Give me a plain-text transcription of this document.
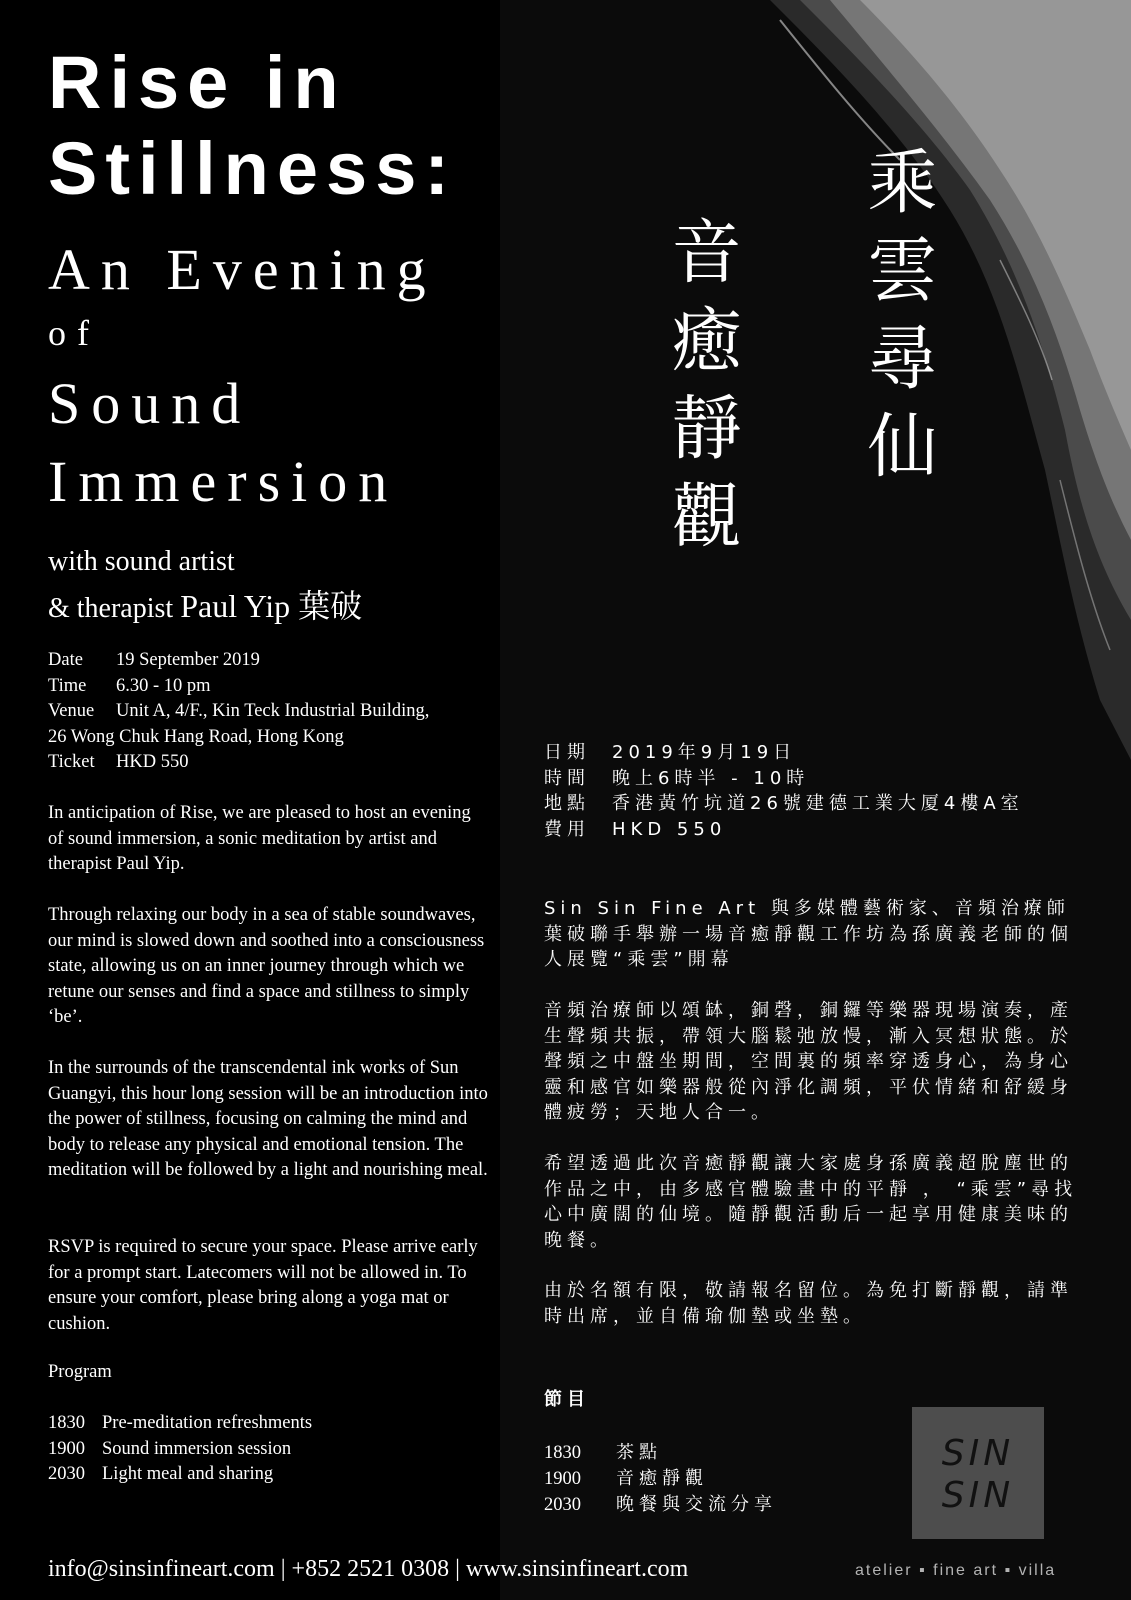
Rise in
Stillness:
An Evening
of
Sound
Immersion
with sound artist
& therapist Paul Yip 葉破
Date 19 September 2019
Time 6.30 - 10 pm
Venue Unit A, 4/F., Kin Teck Industrial Building,
26 Wong Chuk Hang Road, Hong Kong
Ticket HKD 550

In anticipation of Rise, we are pleased to host an evening of sound immersion, a sonic meditation by artist and therapist Paul Yip.

Through relaxing our body in a sea of stable soundwaves, our mind is slowed down and soothed into a consciousness state, allowing us on an inner journey through which we retune our senses and find a space and stillness to simply ‘be’.

In the surrounds of the transcendental ink works of Sun Guangyi, this hour long session will be an introduction into the power of stillness, focusing on calming the mind and body to release any physical and emotional tension. The meditation will be followed by a light and nourishing meal.

RSVP is required to secure your space. Please arrive early for a prompt start. Latecomers will not be allowed in. To ensure your comfort, please bring along a yoga mat or cushion.

Program
1830 Pre-meditation refreshments
1900 Sound immersion session
2030 Light meal and sharing
乘雲尋仙
音癒靜觀
日期 2019年9月19日
時間 晚上6時半 - 10時
地點 香港黃竹坑道26號建德工業大厦4樓A室
費用 HKD 550

Sin Sin Fine Art 與多媒體藝術家、音頻治療師葉破聯手舉辦一場音癒靜觀工作坊為孫廣義老師的個人展覽“乘雲”開幕

音頻治療師以頌缽，銅磬，銅鑼等樂器現場演奏，產生聲頻共振，帶領大腦鬆弛放慢，漸入冥想狀態。於聲頻之中盤坐期間，空間裏的頻率穿透身心，為身心靈和感官如樂器般從內淨化調頻，平伏情緒和舒緩身體疲勞；天地人合一。

希望透過此次音癒靜觀讓大家處身孫廣義超脫塵世的作品之中，由多感官體驗畫中的平靜 ， “乘雲”尋找心中廣闊的仙境。隨靜觀活動后一起享用健康美味的晚餐。

由於名額有限，敬請報名留位。為免打斷靜觀，請準時出席，並自備瑜伽墊或坐墊。

節目
1830 茶點
1900 音癒靜觀
2030 晚餐與交流分享
SIN
SIN
info@sinsinfineart.com | +852 2521 0308 | www.sinsinfineart.com	atelier ▪ fine art ▪ villa
